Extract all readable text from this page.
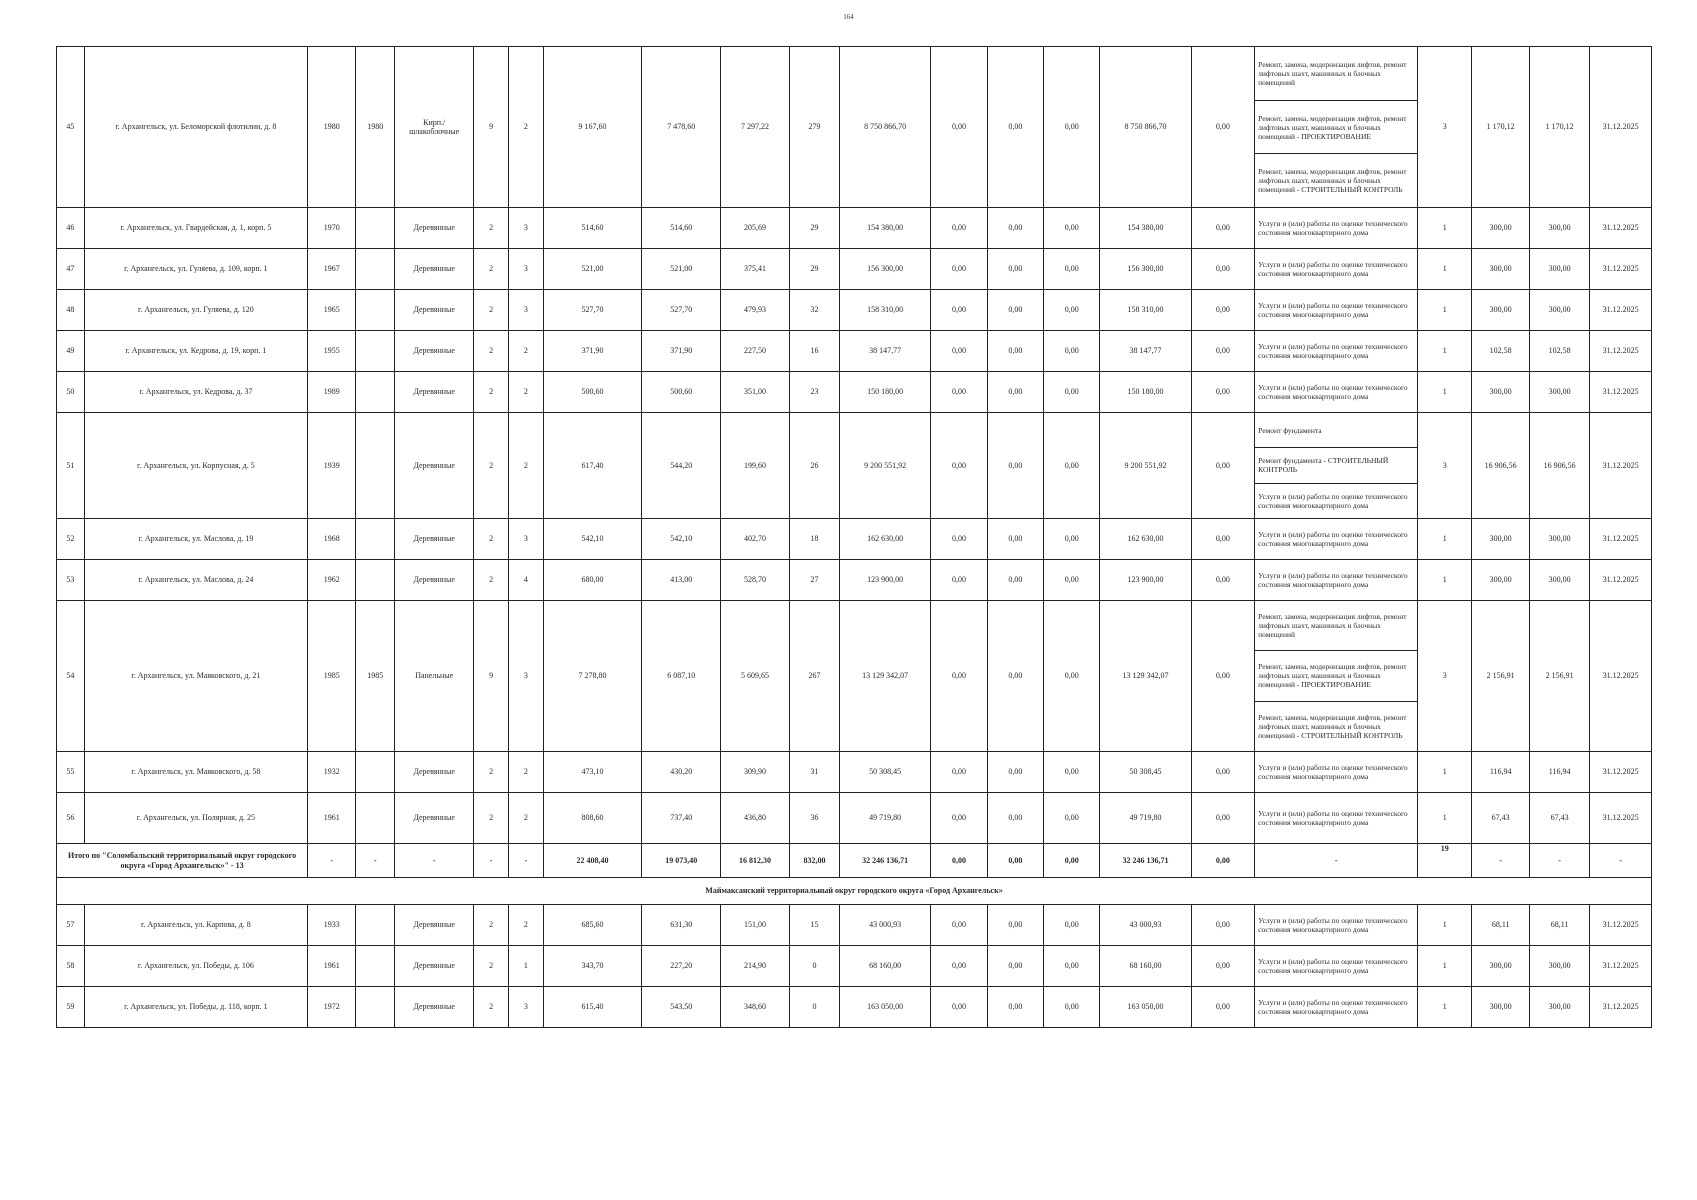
164
45	г. Архангельск, ул. Беломорской флотилии, д. 8	1980	1980	Кирп./ шлакоблочные	9	2	9 167,60	7 478,60	7 297,22	279	8 750 866,70	0,00	0,00	0,00	8 750 866,70	0,00	Ремонт, замена, модернизация лифтов, ремонт лифтовых шахт, машинных и блочных помещений
Ремонт, замена, модернизация лифтов, ремонт лифтовых шахт, машинных и блочных помещений - ПРОЕКТИРОВАНИЕ
Ремонт, замена, модернизация лифтов, ремонт лифтовых шахт, машинных и блочных помещений - СТРОИТЕЛЬНЫЙ КОНТРОЛЬ	3	1 170,12	1 170,12	31.12.2025
46	г. Архангельск, ул. Гвардейская, д. 1, корп. 5	1970		Деревянные	2	3	514,60	514,60	205,69	29	154 380,00	0,00	0,00	0,00	154 380,00	0,00	Услуги и (или) работы по оценке технического состояния многоквартирного дома	1	300,00	300,00	31.12.2025
47	г. Архангельск, ул. Гуляева, д. 109, корп. 1	1967		Деревянные	2	3	521,00	521,00	375,41	29	156 300,00	0,00	0,00	0,00	156 300,00	0,00	Услуги и (или) работы по оценке технического состояния многоквартирного дома	1	300,00	300,00	31.12.2025
48	г. Архангельск, ул. Гуляева, д. 120	1965		Деревянные	2	3	527,70	527,70	479,93	32	158 310,00	0,00	0,00	0,00	158 310,00	0,00	Услуги и (или) работы по оценке технического состояния многоквартирного дома	1	300,00	300,00	31.12.2025
49	г. Архангельск, ул. Кедрова, д. 19, корп. 1	1955		Деревянные	2	2	371,90	371,90	227,50	16	38 147,77	0,00	0,00	0,00	38 147,77	0,00	Услуги и (или) работы по оценке технического состояния многоквартирного дома	1	102,58	102,58	31.12.2025
50	г. Архангельск, ул. Кедрова, д. 37	1989		Деревянные	2	2	500,60	500,60	351,00	23	150 180,00	0,00	0,00	0,00	150 180,00	0,00	Услуги и (или) работы по оценке технического состояния многоквартирного дома	1	300,00	300,00	31.12.2025
51	г. Архангельск, ул. Корпусная, д. 5	1939		Деревянные	2	2	617,40	544,20	199,60	26	9 200 551,92	0,00	0,00	0,00	9 200 551,92	0,00	Ремонт фундамента
Ремонт фундамента - СТРОИТЕЛЬНЫЙ КОНТРОЛЬ
Услуги и (или) работы по оценке технического состояния многоквартирного дома	3	16 906,56	16 906,56	31.12.2025
52	г. Архангельск, ул. Маслова, д. 19	1968		Деревянные	2	3	542,10	542,10	402,70	18	162 630,00	0,00	0,00	0,00	162 630,00	0,00	Услуги и (или) работы по оценке технического состояния многоквартирного дома	1	300,00	300,00	31.12.2025
53	г. Архангельск, ул. Маслова, д. 24	1962		Деревянные	2	4	680,00	413,00	528,70	27	123 900,00	0,00	0,00	0,00	123 900,00	0,00	Услуги и (или) работы по оценке технического состояния многоквартирного дома	1	300,00	300,00	31.12.2025
54	г. Архангельск, ул. Маяковского, д. 21	1985	1985	Панельные	9	3	7 278,80	6 087,10	5 609,65	267	13 129 342,07	0,00	0,00	0,00	13 129 342,07	0,00	Ремонт, замена, модернизация лифтов, ремонт лифтовых шахт, машинных и блочных помещений
Ремонт, замена, модернизация лифтов, ремонт лифтовых шахт, машинных и блочных помещений - ПРОЕКТИРОВАНИЕ
Ремонт, замена, модернизация лифтов, ремонт лифтовых шахт, машинных и блочных помещений - СТРОИТЕЛЬНЫЙ КОНТРОЛЬ	3	2 156,91	2 156,91	31.12.2025
55	г. Архангельск, ул. Маяковского, д. 58	1932		Деревянные	2	2	473,10	430,20	309,90	31	50 308,45	0,00	0,00	0,00	50 308,45	0,00	Услуги и (или) работы по оценке технического состояния многоквартирного дома	1	116,94	116,94	31.12.2025
56	г. Архангельск, ул. Полярная, д. 25	1961		Деревянные	2	2	808,60	737,40	436,80	36	49 719,80	0,00	0,00	0,00	49 719,80	0,00	Услуги и (или) работы по оценке технического состояния многоквартирного дома	1	67,43	67,43	31.12.2025
Итого по "Соломбальский территориальный округ городского округа «Город Архангельск»" - 13		-	-	-	-	-	22 408,40	19 073,40	16 812,30	832,00	32 246 136,71	0,00	0,00	0,00	32 246 136,71	0,00	-	19	-	-	-
Маймаксанский территориальный округ городского округа «Город Архангельск»																					
57	г. Архангельск, ул. Карпова, д. 8	1933		Деревянные	2	2	685,60	631,30	151,00	15	43 000,93	0,00	0,00	0,00	43 000,93	0,00	Услуги и (или) работы по оценке технического состояния многоквартирного дома	1	68,11	68,11	31.12.2025
58	г. Архангельск, ул. Победы, д. 106	1961		Деревянные	2	1	343,70	227,20	214,90	0	68 160,00	0,00	0,00	0,00	68 160,00	0,00	Услуги и (или) работы по оценке технического состояния многоквартирного дома	1	300,00	300,00	31.12.2025
59	г. Архангельск, ул. Победы, д. 118, корп. 1	1972		Деревянные	2	3	615,40	543,50	348,60	0	163 050,00	0,00	0,00	0,00	163 050,00	0,00	Услуги и (или) работы по оценке технического состояния многоквартирного дома	1	300,00	300,00	31.12.2025
